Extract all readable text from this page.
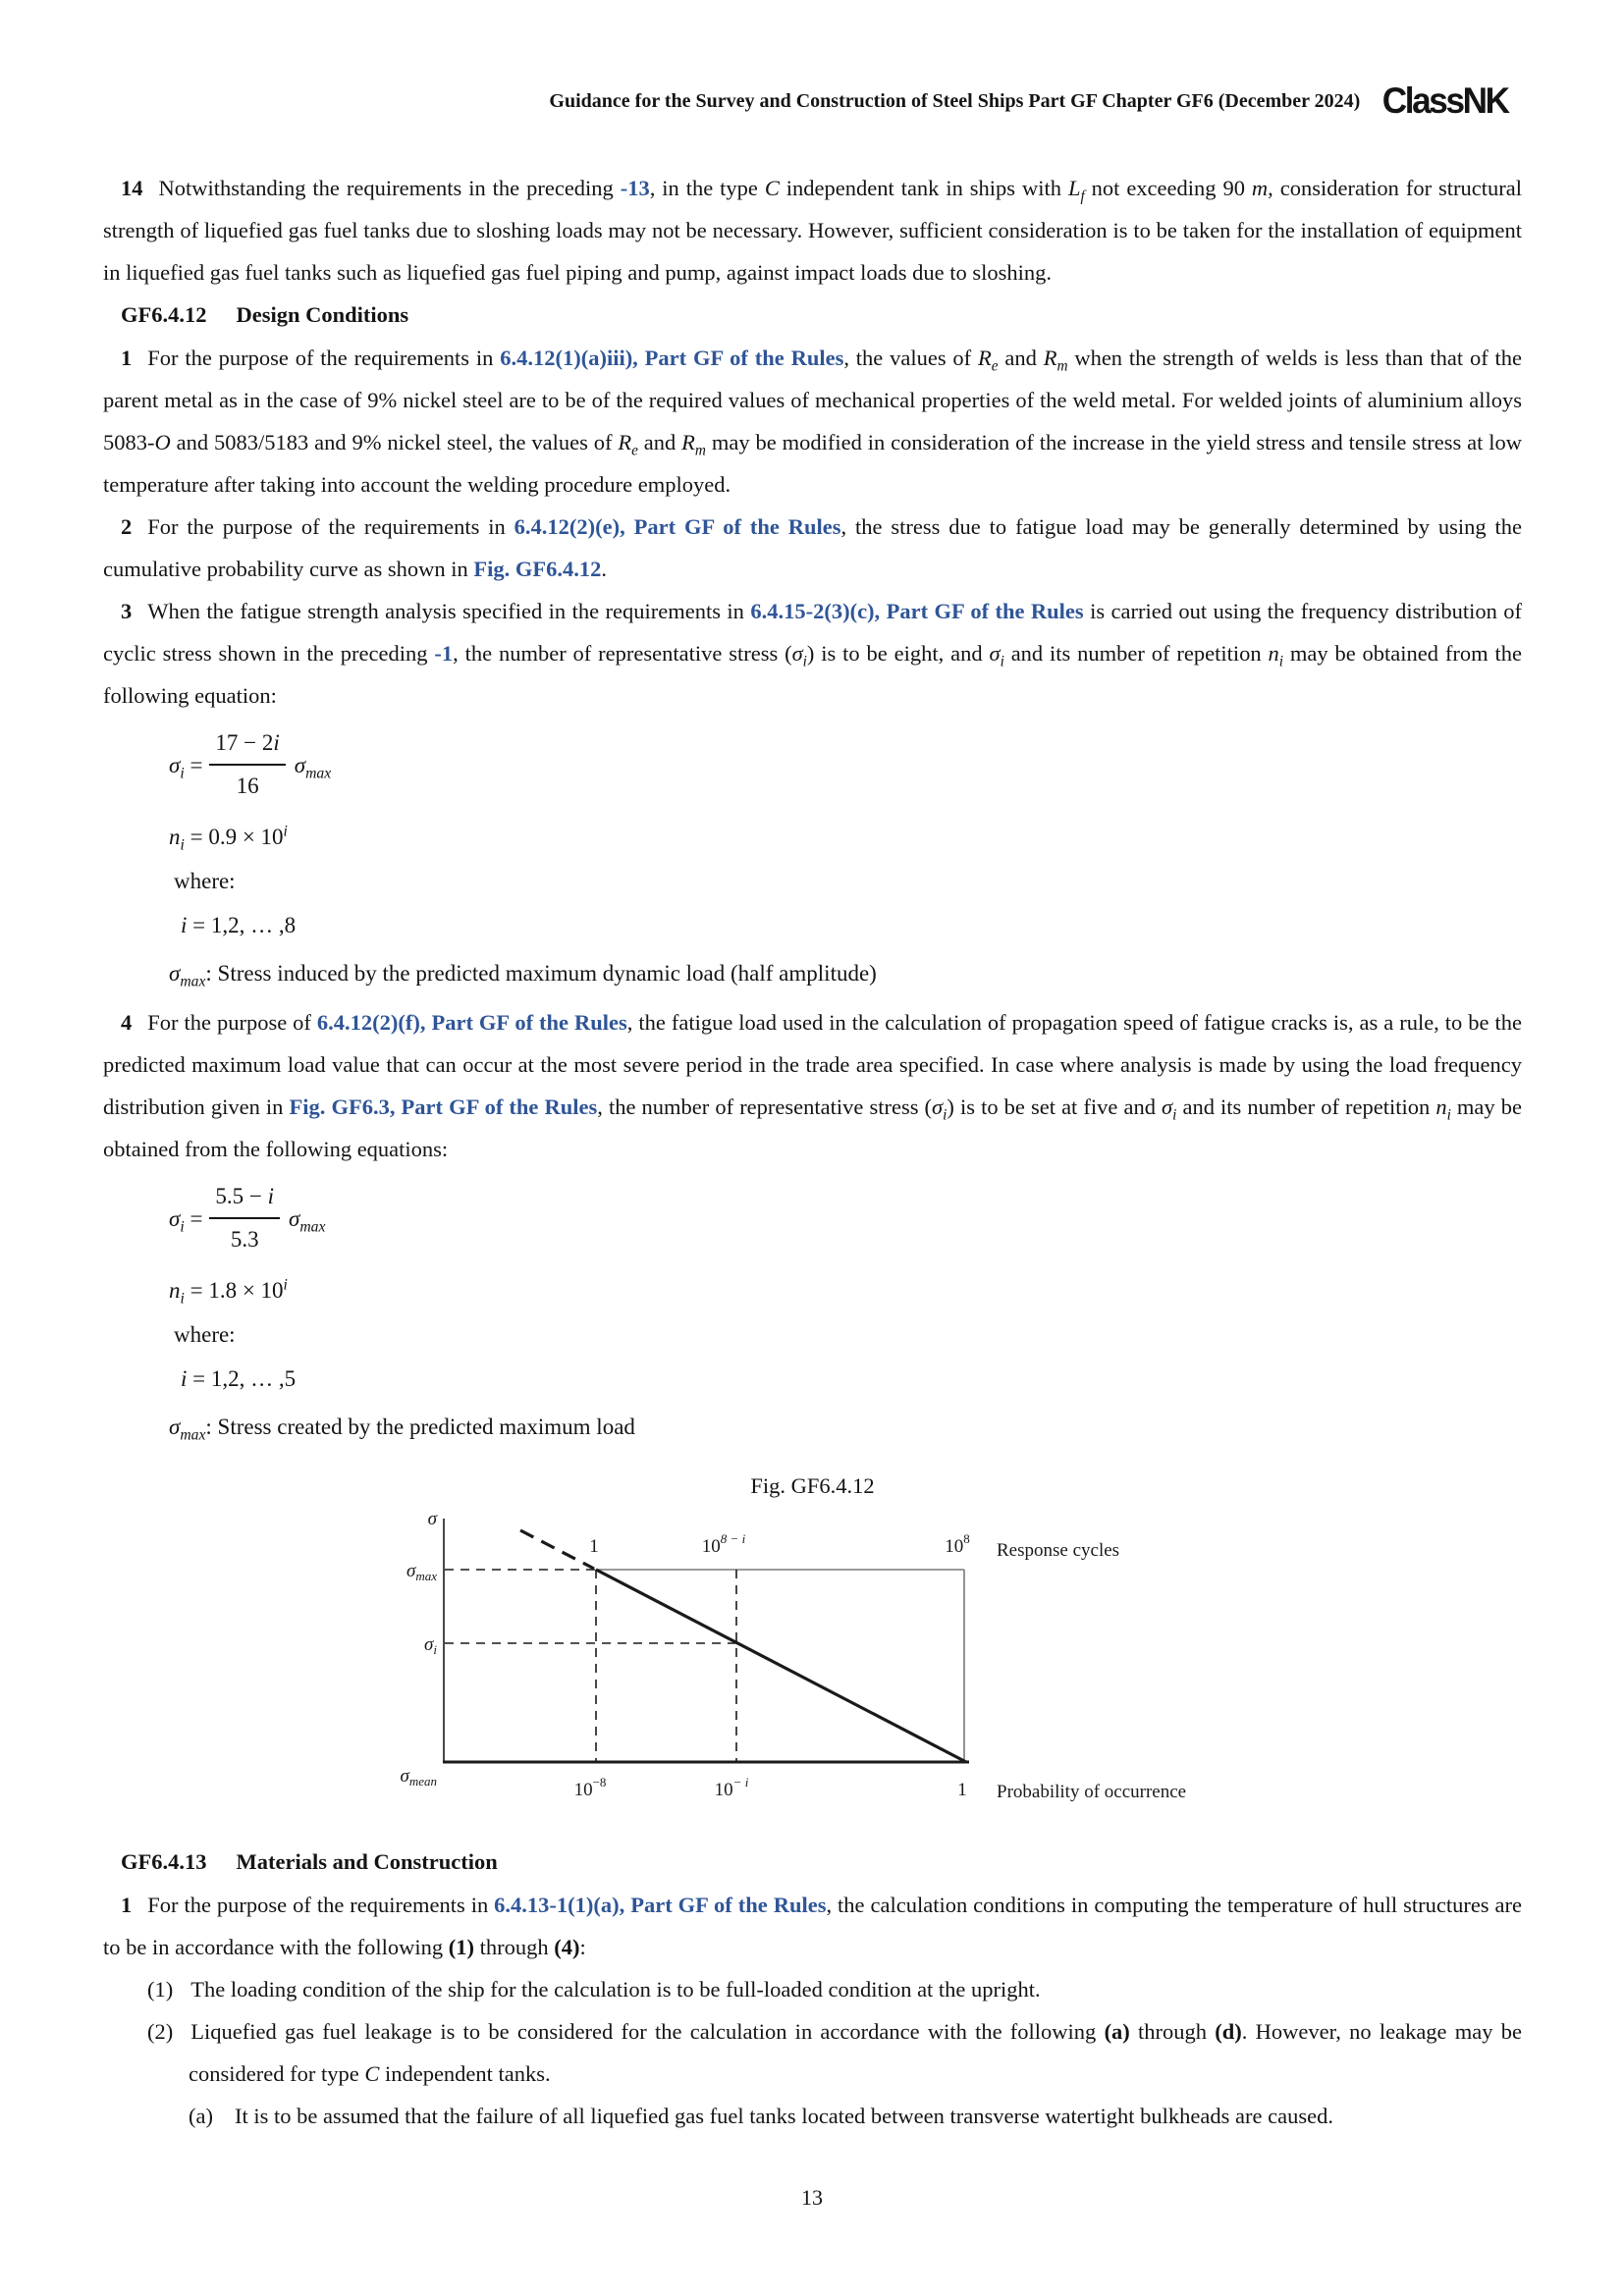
Guidance for the Survey and Construction of Steel Ships Part GF Chapter GF6 (December 2024) ClassNK

14 Notwithstanding the requirements in the preceding -13, in the type C independent tank in ships with $L_f$ not exceeding 90 m, consideration for structural strength of liquefied gas fuel tanks due to sloshing loads may not be necessary. However, sufficient consideration is to be taken for the installation of equipment in liquefied gas fuel tanks such as liquefied gas fuel piping and pump, against impact loads due to sloshing.

GF6.4.12 Design Conditions

1 For the purpose of the requirements in 6.4.12(1)(a)iii), Part GF of the Rules, the values of $R_e$ and $R_m$ when the strength of welds is less than that of the parent metal as in the case of 9% nickel steel are to be of the required values of mechanical properties of the weld metal. For welded joints of aluminium alloys 5083-O and 5083/5183 and 9% nickel steel, the values of $R_e$ and $R_m$ may be modified in consideration of the increase in the yield stress and tensile stress at low temperature after taking into account the welding procedure employed.

2 For the purpose of the requirements in 6.4.12(2)(e), Part GF of the Rules, the stress due to fatigue load may be generally determined by using the cumulative probability curve as shown in Fig. GF6.4.12.

3 When the fatigue strength analysis specified in the requirements in 6.4.15-2(3)(c), Part GF of the Rules is carried out using the frequency distribution of cyclic stress shown in the preceding -1, the number of representative stress $(\sigma_i)$ is to be eight, and $\sigma_i$ and its number of repetition $n_i$ may be obtained from the following equation:

$\sigma_i = \frac{17 - 2i}{16} \sigma_{max}$
$n_i = 0.9 \times 10^i$
where:
i = 1,2, … ,8
$\sigma_{max}$: Stress induced by the predicted maximum dynamic load (half amplitude)

4 For the purpose of 6.4.12(2)(f), Part GF of the Rules, the fatigue load used in the calculation of propagation speed of fatigue cracks is, as a rule, to be the predicted maximum load value that can occur at the most severe period in the trade area specified. In case where analysis is made by using the load frequency distribution given in Fig. GF6.3, Part GF of the Rules, the number of representative stress $(\sigma_i)$ is to be set at five and $\sigma_i$ and its number of repetition $n_i$ may be obtained from the following equations:

$\sigma_i = \frac{5.5 - i}{5.3} \sigma_{max}$
$n_i = 1.8 \times 10^i$
where:
i = 1,2, … ,5
$\sigma_{max}$: Stress created by the predicted maximum load

Fig. GF6.4.12

σ
$\sigma_{max}$
$\sigma_i$
$\sigma_{mean}$
1	$10^{8 - i}$	$10^8$
Response cycles
$10^{-8}$	$10^{- i}$	1 Probability of occurrence

GF6.4.13 Materials and Construction

1 For the purpose of the requirements in 6.4.13-1(1)(a), Part GF of the Rules, the calculation conditions in computing the temperature of hull structures are to be in accordance with the following (1) through (4):

(1) The loading condition of the ship for the calculation is to be full-loaded condition at the upright.

(2) Liquefied gas fuel leakage is to be considered for the calculation in accordance with the following (a) through (d). However, no leakage may be considered for type C independent tanks.

(a) It is to be assumed that the failure of all liquefied gas fuel tanks located between transverse watertight bulkheads are caused.

13
